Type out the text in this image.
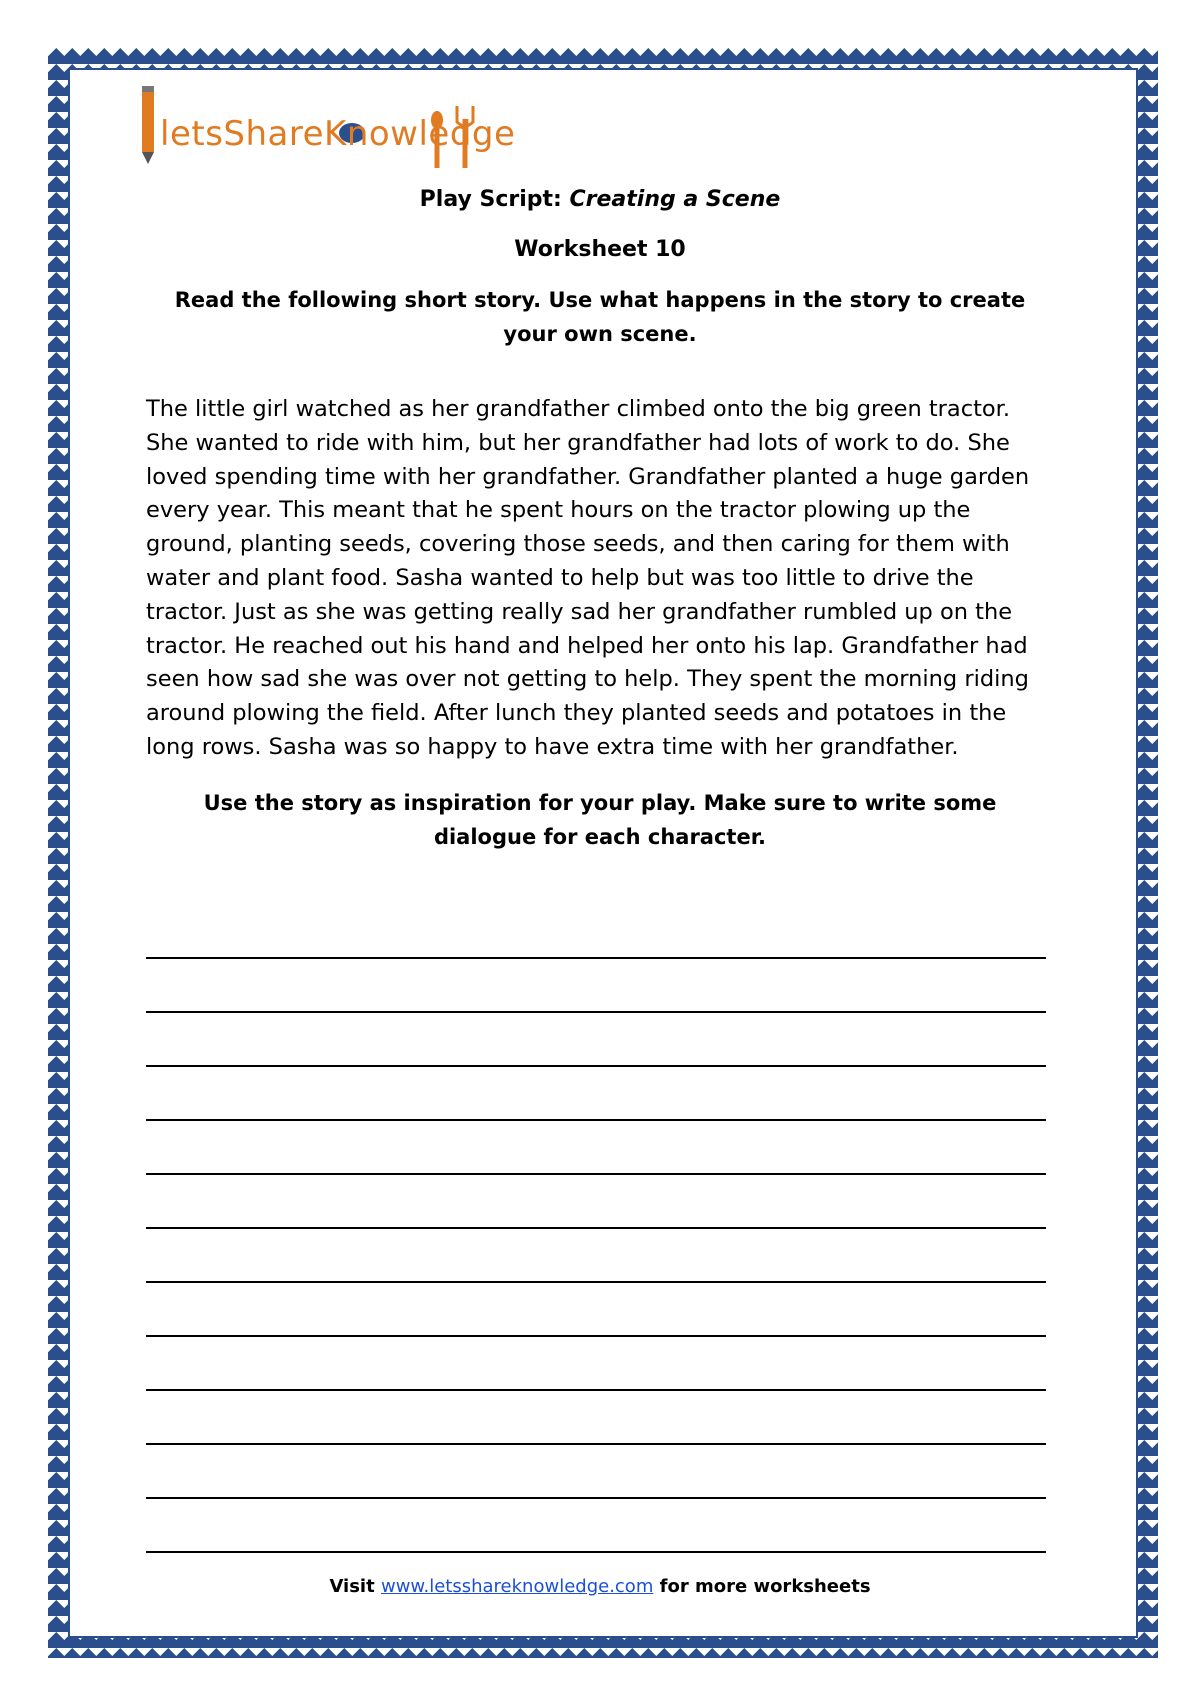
letsShareKnowledge
Play Script: Creating a Scene
Worksheet 10
Read the following short story. Use what happens in the story to create
your own scene.
The little girl watched as her grandfather climbed onto the big green tractor.
She wanted to ride with him, but her grandfather had lots of work to do. She
loved spending time with her grandfather. Grandfather planted a huge garden
every year. This meant that he spent hours on the tractor plowing up the
ground, planting seeds, covering those seeds, and then caring for them with
water and plant food. Sasha wanted to help but was too little to drive the
tractor. Just as she was getting really sad her grandfather rumbled up on the
tractor. He reached out his hand and helped her onto his lap. Grandfather had
seen how sad she was over not getting to help. They spent the morning riding
around plowing the field. After lunch they planted seeds and potatoes in the
long rows. Sasha was so happy to have extra time with her grandfather.
Use the story as inspiration for your play. Make sure to write some
dialogue for each character.
Visit www.letsshareknowledge.com for more worksheets
